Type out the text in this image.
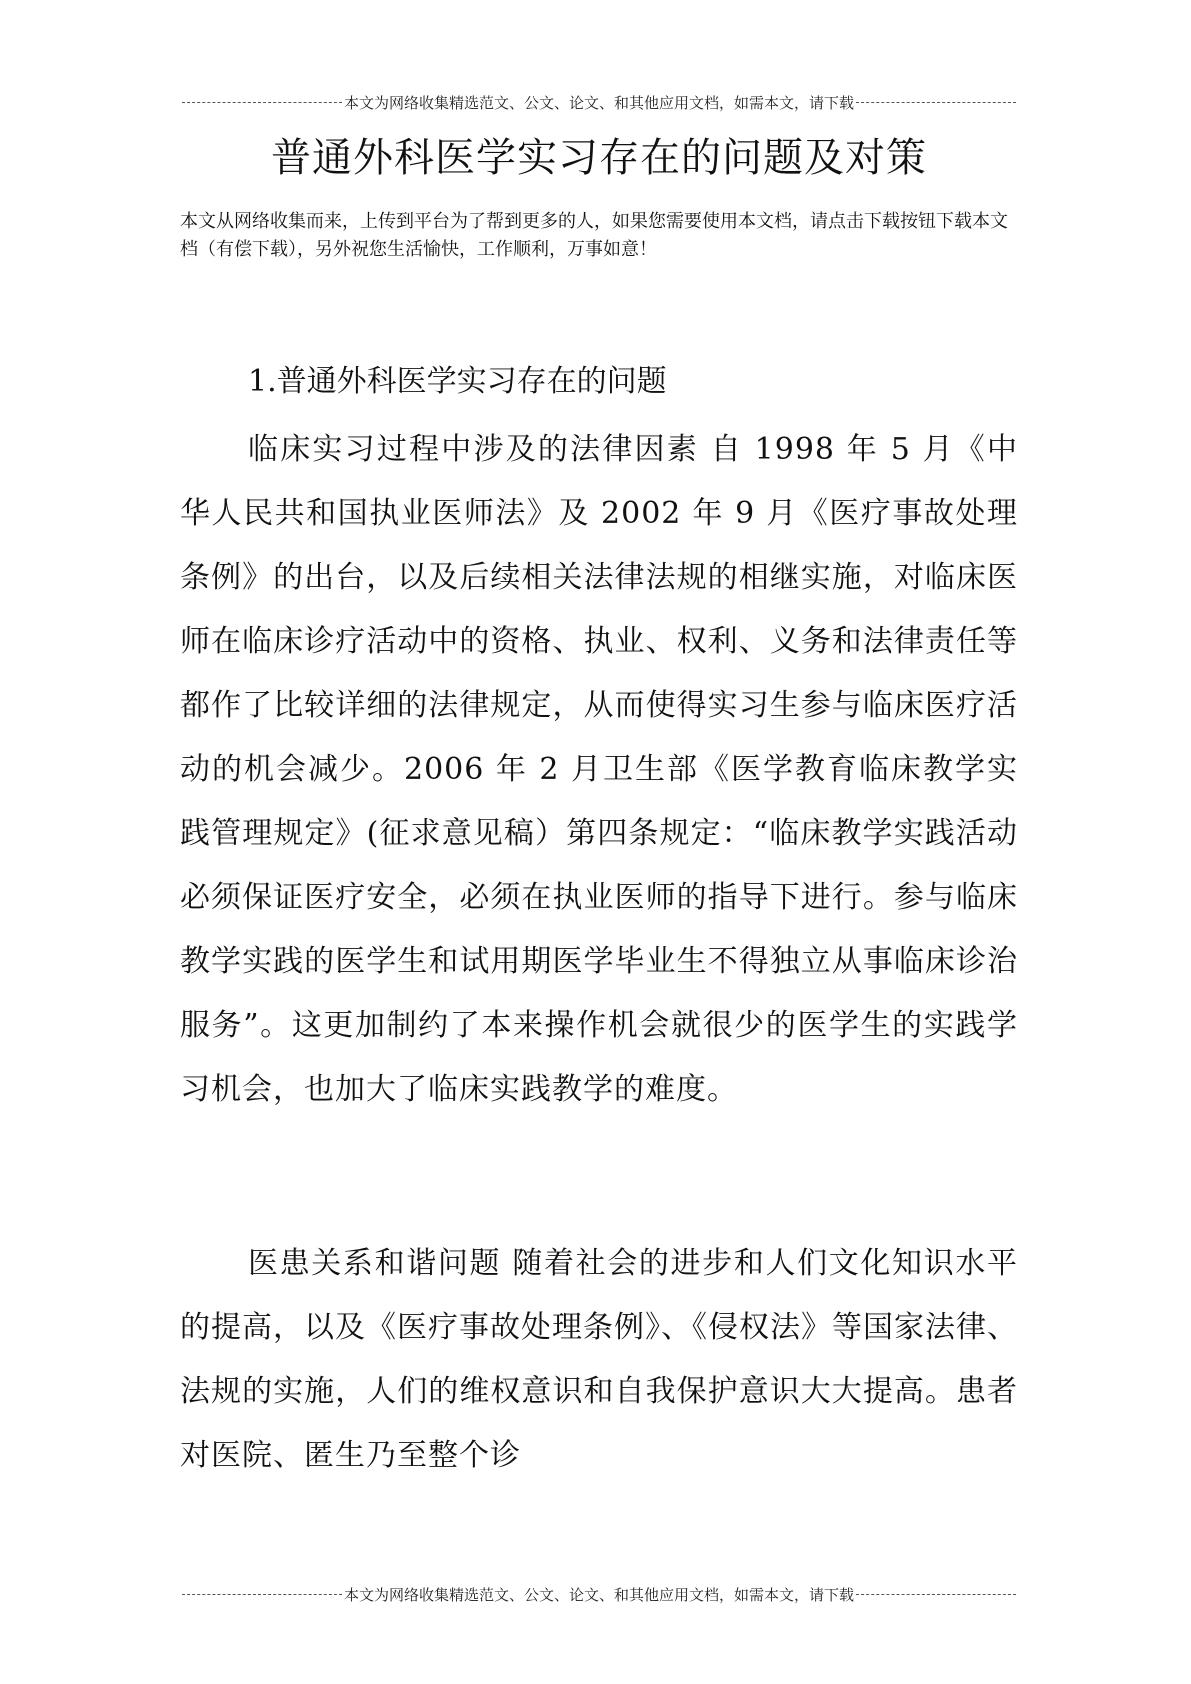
本文为网络收集精选范文、公文、论文、和其他应用文档，如需本文，请下载
普通外科医学实习存在的问题及对策

本文从网络收集而来，上传到平台为了帮到更多的人，如果您需要使用本文档，请点击下载按钮下载本文档（有偿下载），另外祝您生活愉快，工作顺利，万事如意！

1.普通外科医学实习存在的问题

临床实习过程中涉及的法律因素 自 1998 年 5 月《中华人民共和国执业医师法》及 2002 年 9 月《医疗事故处理条例》的出台，以及后续相关法律法规的相继实施，对临床医师在临床诊疗活动中的资格、执业、权利、义务和法律责任等都作了比较详细的法律规定，从而使得实习生参与临床医疗活动的机会减少。2006 年 2 月卫生部《医学教育临床教学实践管理规定》(征求意见稿）第四条规定：“临床教学实践活动必须保证医疗安全，必须在执业医师的指导下进行。参与临床教学实践的医学生和试用期医学毕业生不得独立从事临床诊治服务”。这更加制约了本来操作机会就很少的医学生的实践学习机会，也加大了临床实践教学的难度。

医患关系和谐问题 随着社会的进步和人们文化知识水平的提高，以及《医疗事故处理条例》、《侵权法》等国家法律、法规的实施，人们的维权意识和自我保护意识大大提高。患者对医院、匿生乃至整个诊

本文为网络收集精选范文、公文、论文、和其他应用文档，如需本文，请下载
